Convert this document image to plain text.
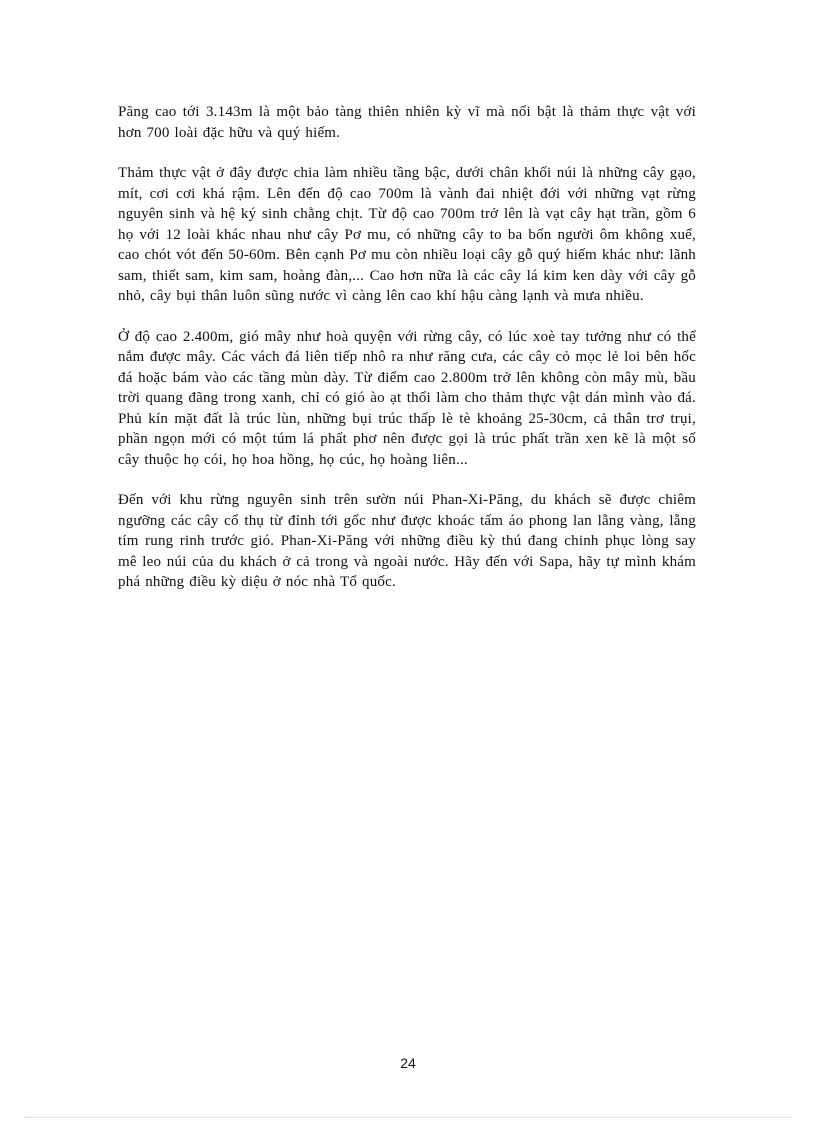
Păng cao tới 3.143m là một bảo tàng thiên nhiên kỳ vĩ mà nổi bật là thảm thực vật với hơn 700 loài đặc hữu và quý hiếm.

Thảm thực vật ở đây được chia làm nhiều tầng bậc, dưới chân khối núi là những cây gạo, mít, cơi cơi khá rậm. Lên đến độ cao 700m là vành đai nhiệt đới với những vạt rừng nguyên sinh và hệ ký sinh chằng chịt. Từ độ cao 700m trở lên là vạt cây hạt trần, gồm 6 họ với 12 loài khác nhau như cây Pơ mu, có những cây to ba bốn người ôm không xuể, cao chót vót đến 50-60m. Bên cạnh Pơ mu còn nhiều loại cây gỗ quý hiếm khác như: lãnh sam, thiết sam, kim sam, hoàng đàn,... Cao hơn nữa là các cây lá kim ken dày với cây gỗ nhỏ, cây bụi thân luôn sũng nước vì càng lên cao khí hậu càng lạnh và mưa nhiều.

Ở độ cao 2.400m, gió mây như hoà quyện với rừng cây, có lúc xoè tay tưởng như có thể nắm được mây. Các vách đá liên tiếp nhô ra như răng cưa, các cây cỏ mọc lẻ loi bên hốc đá hoặc bám vào các tầng mùn dày. Từ điểm cao 2.800m trở lên không còn mây mù, bầu trời quang đãng trong xanh, chỉ có gió ào ạt thổi làm cho thảm thực vật dán mình vào đá. Phủ kín mặt đất là trúc lùn, những bụi trúc thấp lè tè khoảng 25-30cm, cả thân trơ trụi, phần ngọn mới có một túm lá phất phơ nên được gọi là trúc phất trần xen kẽ là một số cây thuộc họ cói, họ hoa hồng, họ cúc, họ hoàng liên...

Đến với khu rừng nguyên sinh trên sườn núi Phan-Xi-Păng, du khách sẽ được chiêm ngưỡng các cây cổ thụ từ đỉnh tới gốc như được khoác tấm áo phong lan lẵng vàng, lẵng tím rung rinh trước gió. Phan-Xi-Păng với những điều kỳ thú đang chinh phục lòng say mê leo núi của du khách ở cả trong và ngoài nước. Hãy đến với Sapa, hãy tự mình khám phá những điều kỳ diệu ở nóc nhà Tổ quốc.

24
